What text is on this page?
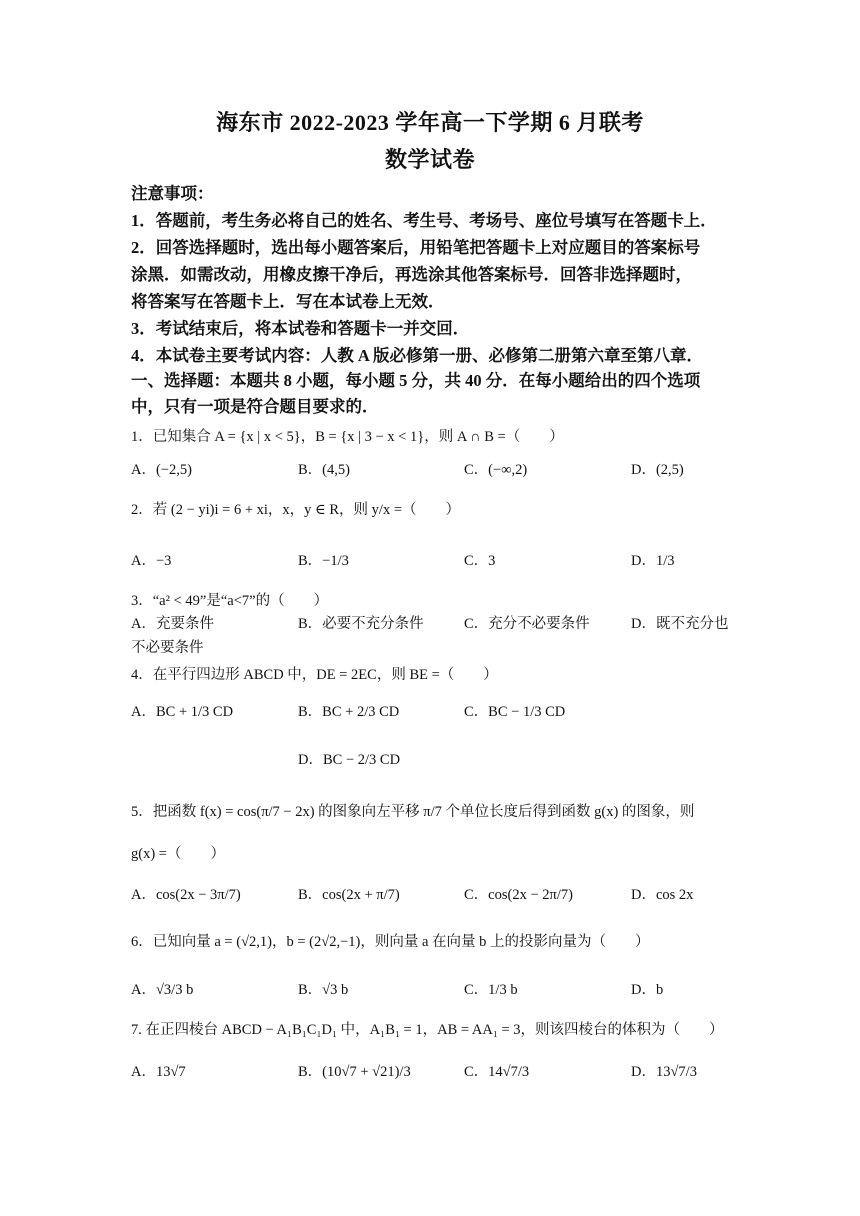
海东市 2022-2023 学年高一下学期 6 月联考
数学试卷
注意事项：
1．答题前，考生务必将自己的姓名、考生号、考场号、座位号填写在答题卡上．
2．回答选择题时，选出每小题答案后，用铅笔把答题卡上对应题目的答案标号
涂黑．如需改动，用橡皮擦干净后，再选涂其他答案标号．回答非选择题时，
将答案写在答题卡上．写在本试卷上无效．
3．考试结束后，将本试卷和答题卡一并交回．
4．本试卷主要考试内容：人教 A 版必修第一册、必修第二册第六章至第八章．
一、选择题：本题共 8 小题，每小题 5 分，共 40 分．在每小题给出的四个选项
中，只有一项是符合题目要求的．
1．已知集合 A = {x | x < 5}，B = {x | 3 − x < 1}，则 A ∩ B =（　　）
A．(−2,5)	B．(4,5)	C．(−∞,2)	D．(2,5)
2．若 (2 − yi)i = 6 + xi，x，y ∈ R，则 y/x =（　　）
A．−3	B．−1/3	C．3	D．1/3
3．“a² < 49”是“a<7”的（　　）
A．充要条件	B．必要不充分条件	C．充分不必要条件	D．既不充分也
不必要条件
4．在平行四边形 ABCD 中，DE = 2EC，则 BE =（　　）
A．BC + 1/3 CD	B．BC + 2/3 CD	C．BC − 1/3 CD
D．BC − 2/3 CD
5．把函数 f(x) = cos(π/7 − 2x) 的图象向左平移 π/7 个单位长度后得到函数 g(x) 的图象，则
g(x) =（　　）
A．cos(2x − 3π/7)	B．cos(2x + π/7)	C．cos(2x − 2π/7)	D．cos 2x
6．已知向量 a = (√2,1)，b = (2√2,−1)，则向量 a 在向量 b 上的投影向量为（　　）
A．√3/3 b	B．√3 b	C．1/3 b	D．b
7. 在正四棱台 ABCD − A₁B₁C₁D₁ 中，A₁B₁ = 1，AB = AA₁ = 3，则该四棱台的体积为（　　）
A．13√7	B．(10√7 + √21)/3	C．14√7/3	D．13√7/3
